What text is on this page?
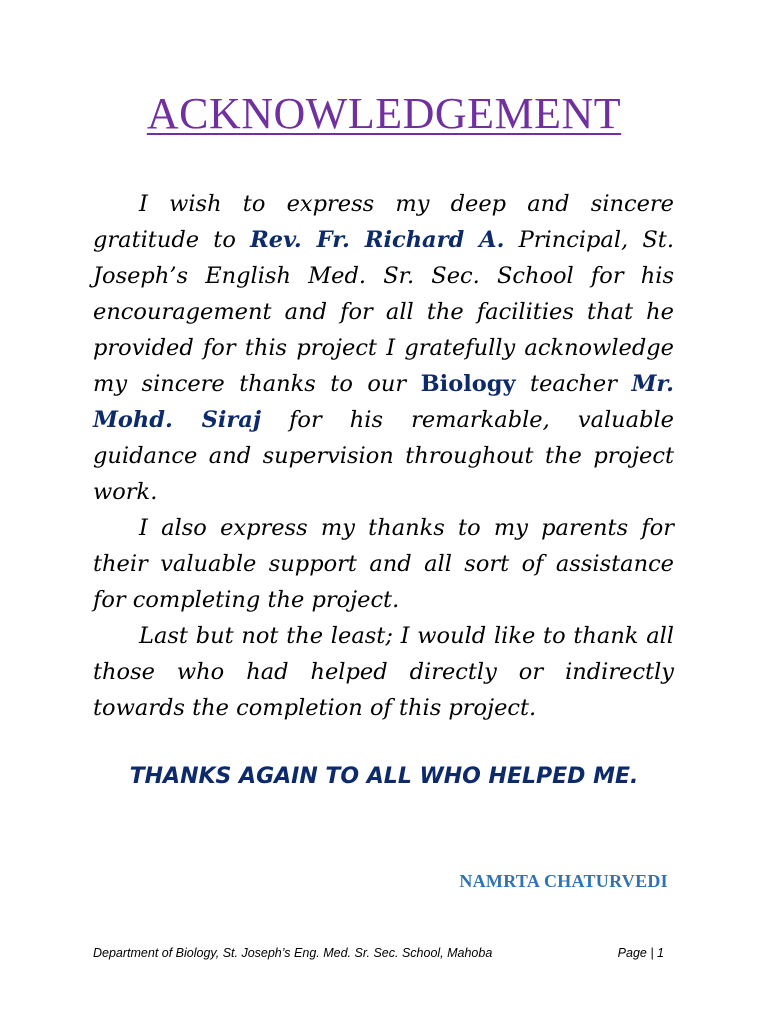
ACKNOWLEDGEMENT

I wish to express my deep and sincere gratitude to Rev. Fr. Richard A. Principal, St. Joseph’s English Med. Sr. Sec. School for his encouragement and for all the facilities that he provided for this project I gratefully acknowledge my sincere thanks to our Biology teacher Mr. Mohd. Siraj for his remarkable, valuable guidance and supervision throughout the project work.

I also express my thanks to my parents for their valuable support and all sort of assistance for completing the project.

Last but not the least; I would like to thank all those who had helped directly or indirectly towards the completion of this project.

THANKS AGAIN TO ALL WHO HELPED ME.
NAMRTA CHATURVEDI
Department of Biology, St. Joseph’s Eng. Med. Sr. Sec. School, Mahoba	Page | 1
